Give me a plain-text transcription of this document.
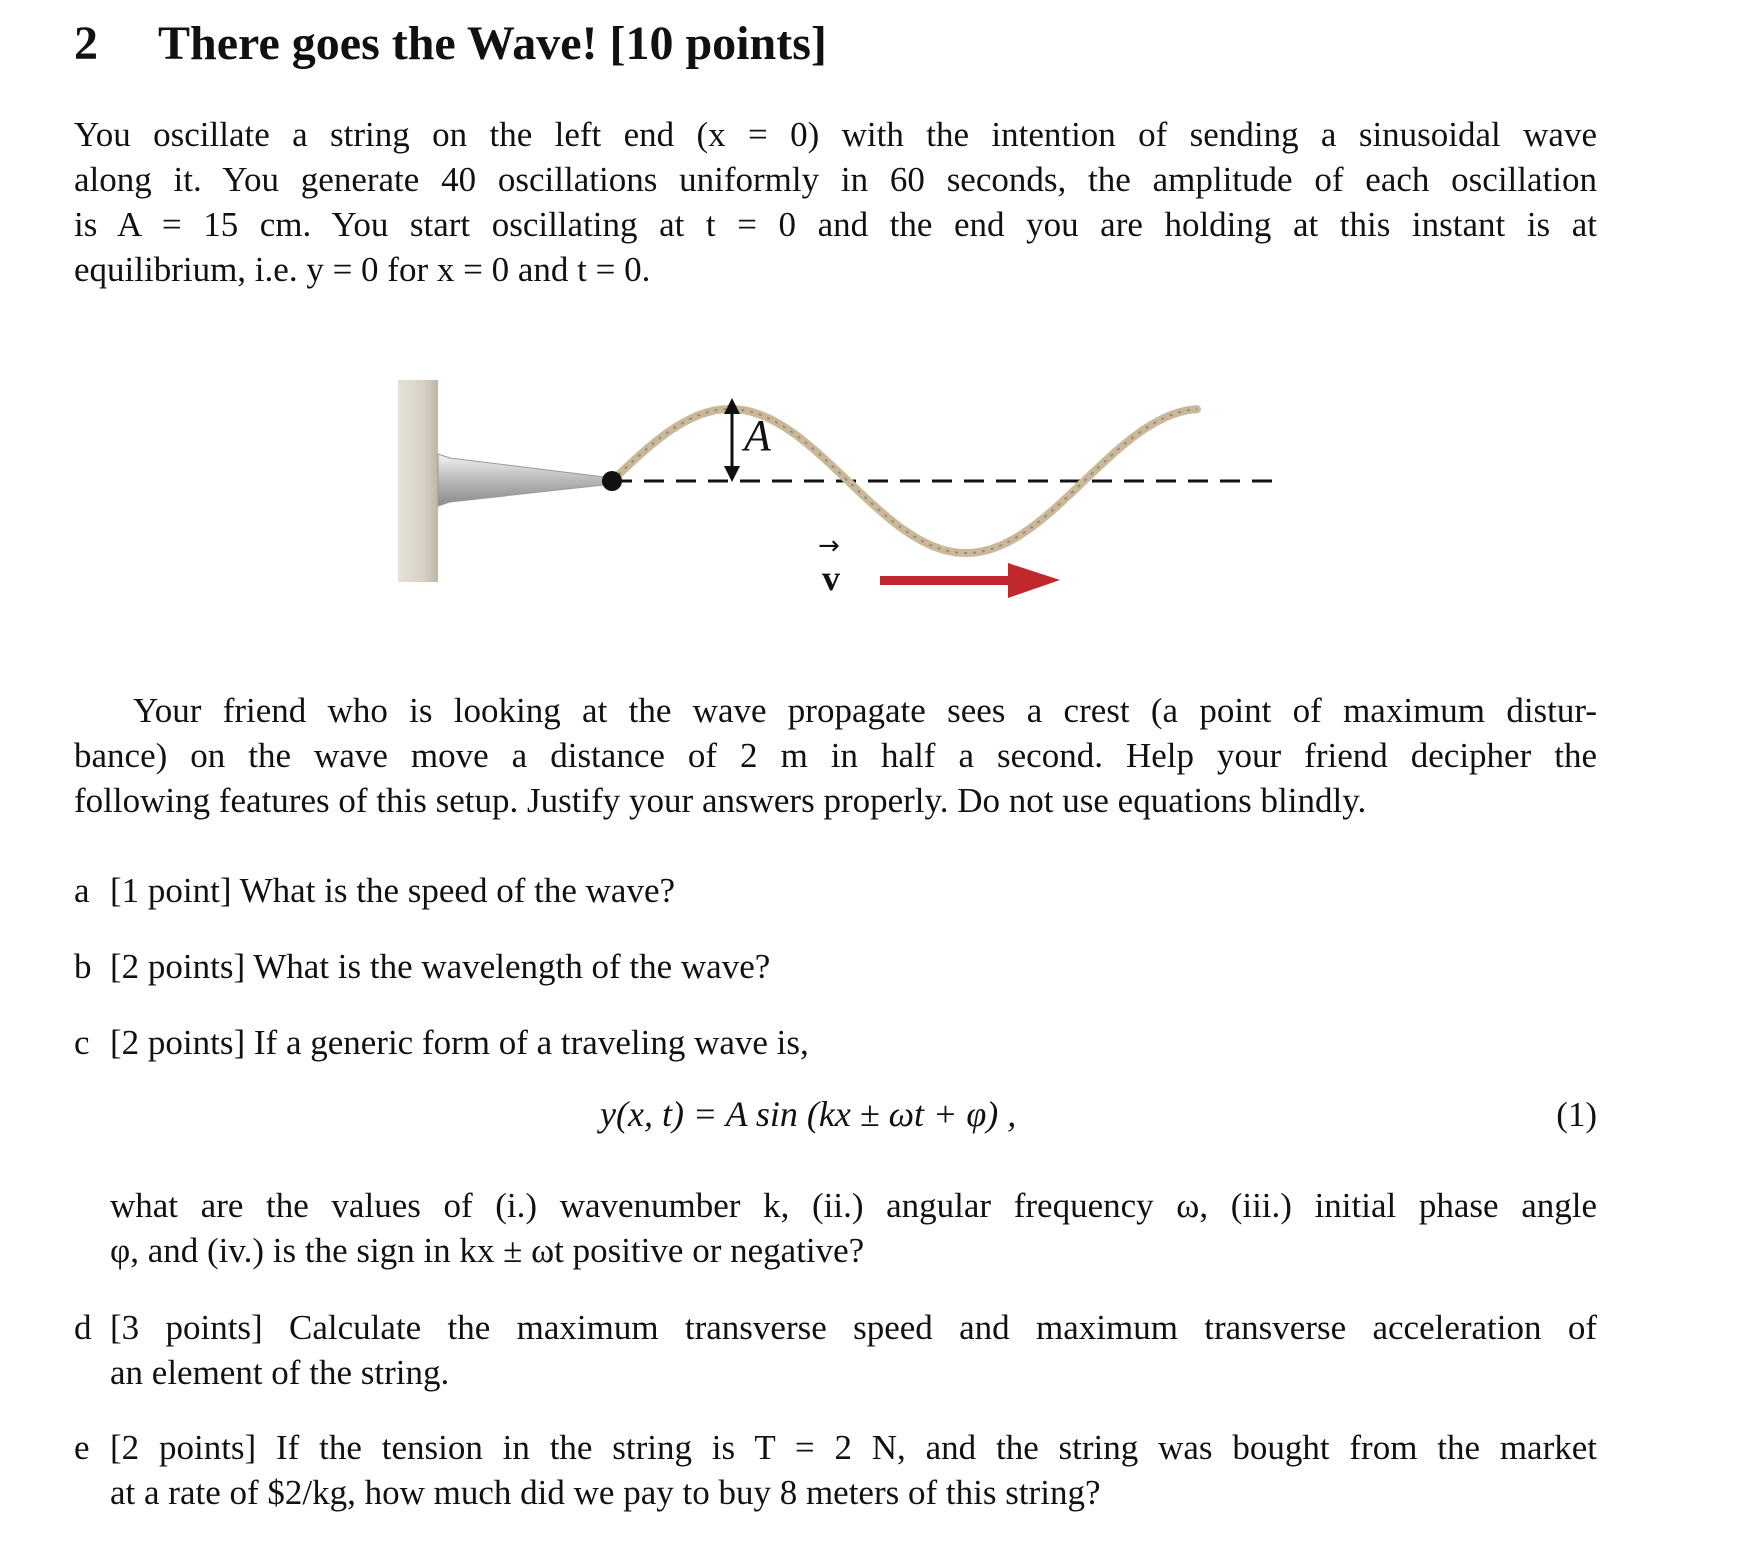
2 There goes the Wave! [10 points]
You oscillate a string on the left end (x = 0) with the intention of sending a sinusoidal wave
along it. You generate 40 oscillations uniformly in 60 seconds, the amplitude of each oscillation
is A = 15 cm. You start oscillating at t = 0 and the end you are holding at this instant is at
equilibrium, i.e. y = 0 for x = 0 and t = 0.
A
→
v
Your friend who is looking at the wave propagate sees a crest (a point of maximum distur-
bance) on the wave move a distance of 2 m in half a second. Help your friend decipher the
following features of this setup. Justify your answers properly. Do not use equations blindly.
a [1 point] What is the speed of the wave?
b [2 points] What is the wavelength of the wave?
c [2 points] If a generic form of a traveling wave is,
y(x, t) = A sin (kx ± ωt + φ) ,	(1)
what are the values of (i.) wavenumber k, (ii.) angular frequency ω, (iii.) initial phase angle
φ, and (iv.) is the sign in kx ± ωt positive or negative?
d [3 points] Calculate the maximum transverse speed and maximum transverse acceleration of
an element of the string.
e [2 points] If the tension in the string is T = 2 N, and the string was bought from the market
at a rate of $2/kg, how much did we pay to buy 8 meters of this string?
